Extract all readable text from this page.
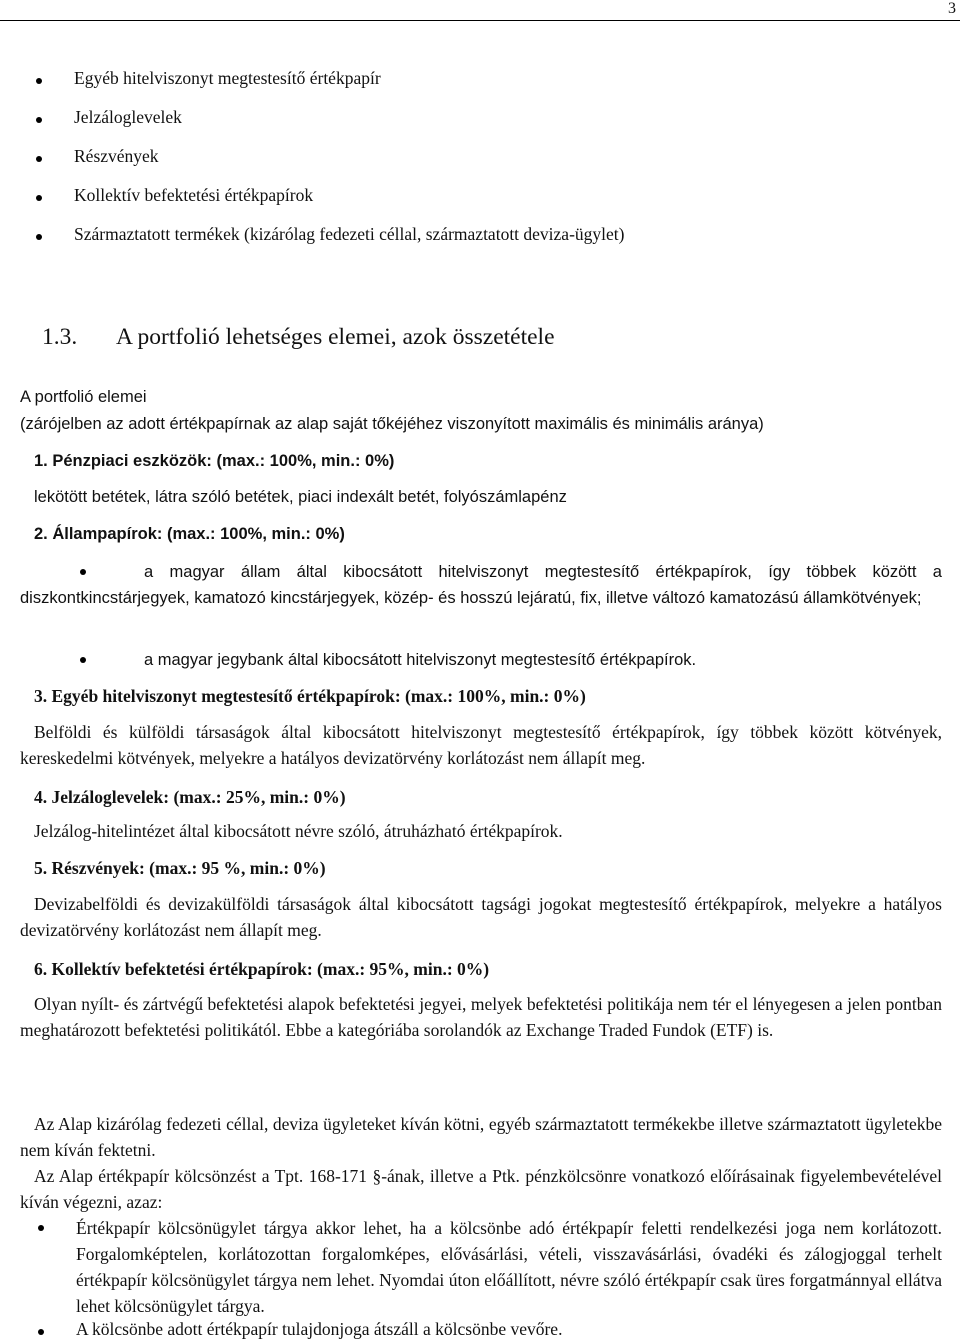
3
Egyéb hitelviszonyt megtestesítő értékpapír
Jelzáloglevelek
Részvények
Kollektív befektetési értékpapírok
Származtatott termékek (kizárólag fedezeti céllal, származtatott deviza-ügylet)
1.3. A portfolió lehetséges elemei, azok összetétele
A portfolió elemei
(zárójelben az adott értékpapírnak az alap saját tőkéjéhez viszonyított maximális és minimális aránya)
1. Pénzpiaci eszközök: (max.: 100%, min.: 0%)
lekötött betétek, látra szóló betétek, piaci indexált betét, folyószámlapénz
2. Állampapírok: (max.: 100%, min.: 0%)
a magyar állam által kibocsátott hitelviszonyt megtestesítő értékpapírok, így többek között a diszkontkincstárjegyek, kamatozó kincstárjegyek, közép- és hosszú lejáratú, fix, illetve változó kamatozású államkötvények;
a magyar jegybank által kibocsátott hitelviszonyt megtestesítő értékpapírok.
3. Egyéb hitelviszonyt megtestesítő értékpapírok: (max.: 100%, min.: 0%)
Belföldi és külföldi társaságok által kibocsátott hitelviszonyt megtestesítő értékpapírok, így többek között kötvények, kereskedelmi kötvények, melyekre a hatályos devizatörvény korlátozást nem állapít meg.
4. Jelzáloglevelek: (max.: 25%, min.: 0%)
Jelzálog-hitelintézet által kibocsátott névre szóló, átruházható értékpapírok.
5. Részvények: (max.: 95 %, min.: 0%)
Devizabelföldi és devizakülföldi társaságok által kibocsátott tagsági jogokat megtestesítő értékpapírok, melyekre a hatályos devizatörvény korlátozást nem állapít meg.
6. Kollektív befektetési értékpapírok: (max.: 95%, min.: 0%)
Olyan nyílt- és zártvégű befektetési alapok befektetési jegyei, melyek befektetési politikája nem tér el lényegesen a jelen pontban meghatározott befektetési politikától. Ebbe a kategóriába sorolandók az Exchange Traded Fundok (ETF) is.
Az Alap kizárólag fedezeti céllal, deviza ügyleteket kíván kötni, egyéb származtatott termékekbe illetve származtatott ügyletekbe nem kíván fektetni.
Az Alap értékpapír kölcsönzést a Tpt. 168-171 §-ának, illetve a Ptk. pénzkölcsönre vonatkozó előírásainak figyelembevételével kíván végezni, azaz:
Értékpapír kölcsönügylet tárgya akkor lehet, ha a kölcsönbe adó értékpapír feletti rendelkezési joga nem korlátozott. Forgalomképtelen, korlátozottan forgalomképes, elővásárlási, vételi, visszavásárlási, óvadéki és zálogjoggal terhelt értékpapír kölcsönügylet tárgya nem lehet. Nyomdai úton előállított, névre szóló értékpapír csak üres forgatmánnyal ellátva lehet kölcsönügylet tárgya.
A kölcsönbe adott értékpapír tulajdonjoga átszáll a kölcsönbe vevőre.
